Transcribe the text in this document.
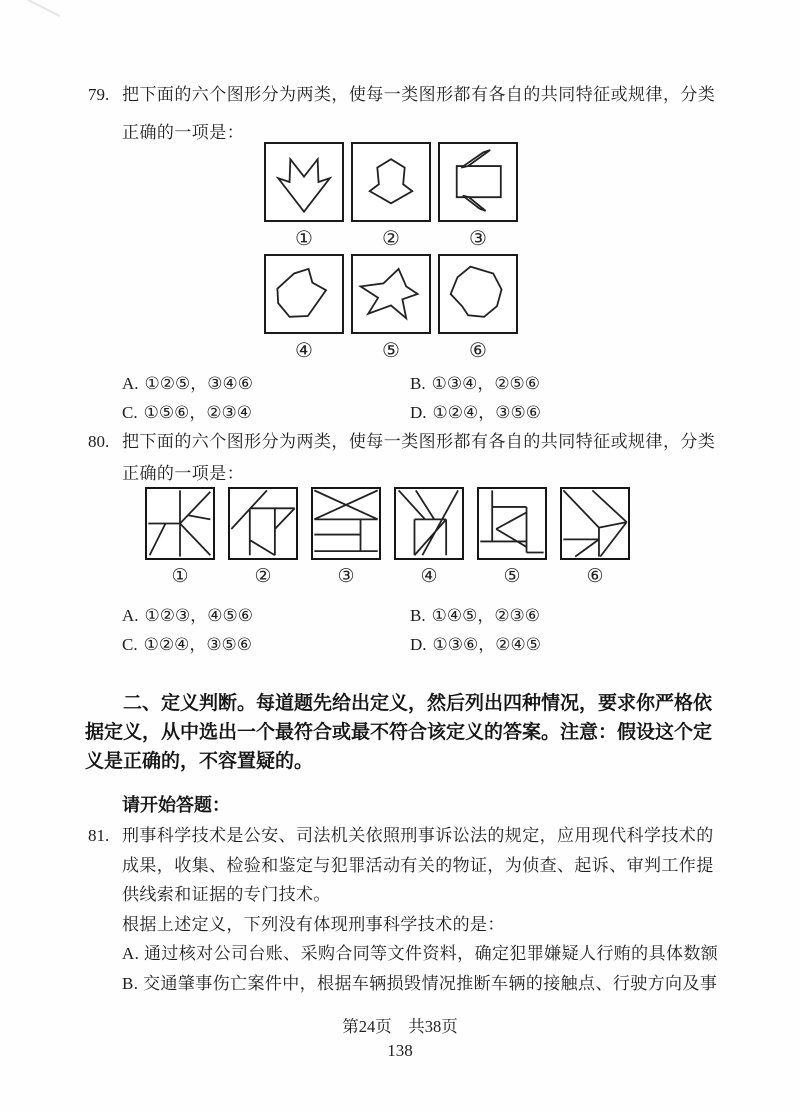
79. 把下面的六个图形分为两类，使每一类图形都有各自的共同特征或规律，分类
正确的一项是：
①	②	③
④	⑤	⑥
A. ①②⑤，③④⑥	B. ①③④，②⑤⑥
C. ①⑤⑥，②③④	D. ①②④，③⑤⑥
80. 把下面的六个图形分为两类，使每一类图形都有各自的共同特征或规律，分类
正确的一项是：
①	②	③	④	⑤	⑥
A. ①②③，④⑤⑥	B. ①④⑤，②③⑥
C. ①②④，③⑤⑥	D. ①③⑥，②④⑤
二、定义判断。每道题先给出定义，然后列出四种情况，要求你严格依
据定义，从中选出一个最符合或最不符合该定义的答案。注意：假设这个定
义是正确的，不容置疑的。
请开始答题：
81. 刑事科学技术是公安、司法机关依照刑事诉讼法的规定，应用现代科学技术的
成果，收集、检验和鉴定与犯罪活动有关的物证，为侦查、起诉、审判工作提
供线索和证据的专门技术。
根据上述定义，下列没有体现刑事科学技术的是：
A. 通过核对公司台账、采购合同等文件资料，确定犯罪嫌疑人行贿的具体数额
B. 交通肇事伤亡案件中，根据车辆损毁情况推断车辆的接触点、行驶方向及事
第24页　共38页
138
